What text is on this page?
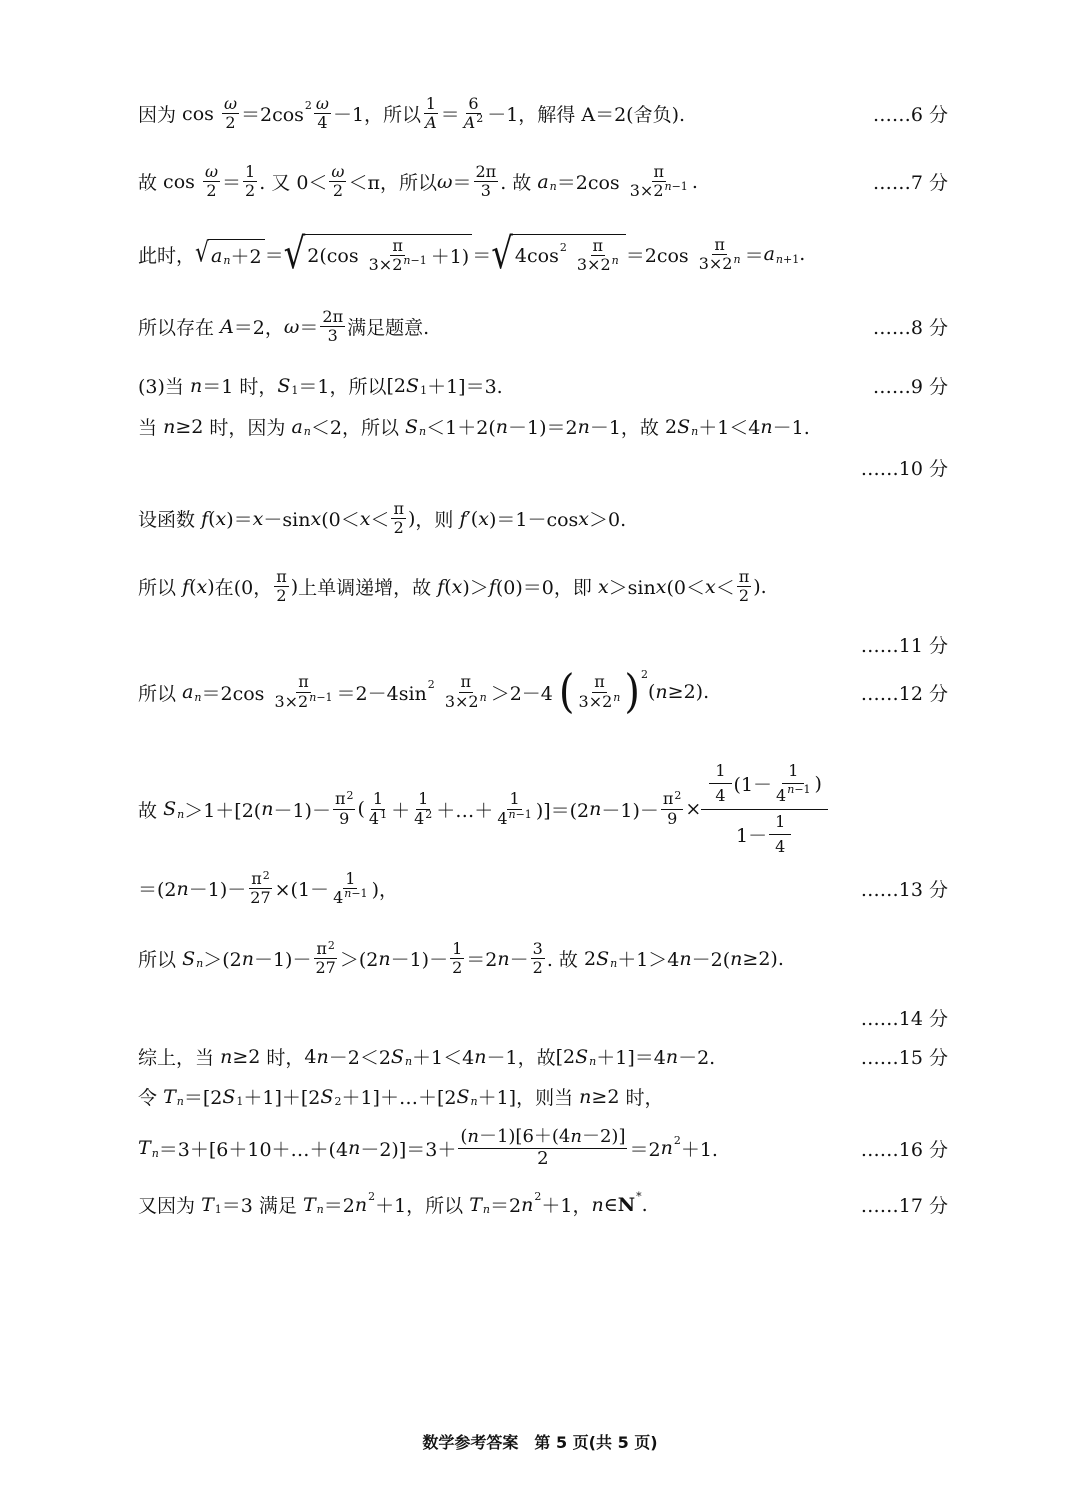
因为 cos ω
2 ＝2cos 2 ω
4 －1 ，所以
1
A ＝
6
$A^2 -1$ ，解得
A＝2(舍负).	……6 分
故 cos ω
2 ＝
1
2 . 又 0＜
ω
2 ＜π ，所以 ω ＝
2π
3 . 故
a n ＝2cos
π
$3\times 2^{n-1}$ .	……7 分
此时， √ a n ＋2 ＝ √ 2(cos π
$3\times 2^{n-1} +1$) ＝ √ 4cos 2
π
$3\times 2^n =2\cos$
π
$3\times 2^n = a$ n+1 .
所以存在
A ＝2， ω ＝
2π
3 满足题意.	……8 分
(3)当
n ＝1 时， S 1 ＝1 ，所以 [2 S 1 ＋1]＝3.	……9 分
当
n ≥2 时，因为
a n ＜2 ，所以
S n ＜1＋2( n －1)＝2 n －1 ，故 2 S n ＋1＜4 n －1.
……10 分
设函数
f ( x )＝ x －sin x (0＜ x ＜
π
2 ) ，则
f ′( x )＝1－cos x ＞0.
所以
f ( x ) 在 (0，
π
2 ) 上单调递增，故
f ( x )＞ f (0)＝0 ，即
x ＞sin x (0＜ x ＜
π
2 ).
……11 分
所以
a n ＝2cos
π
$3\times 2^{n-1} =2-4\sin$ 2
π
$3\times 2^n >2-4$ ( π
$3\times 2^n$ ) 2
( n ≥2).	……12 分
故
S n ＞1＋[2( n －1)－
$\pi^2$
9 ( 1
$4^1$ ＋
1
$4^2$ ＋…＋
1
$4^{n-1}$ )]＝(2 $n -1)- \frac{\pi^2}{9} \times 1$
4 (1－
1
4 n−1 )
1－
1
4
＝(2 $n -1)- \frac{\pi^2}{27} \times(1-$
1
$4^{n-1}$ )，	……13 分
所以
S n ＞(2 n －1)－
$\pi^2$
27 ＞(2 n －1)－
1
2 ＝2 n －
3
2 . 故 2 S n ＋1＞4 n －2( n ≥2).
……14 分
综上，当
n ≥2 时， 4 n －2＜2 S n ＋1＜4 n －1 ，故 [2 S n ＋1]＝4 n －2.	……15 分
令
T n ＝[2 S 1 ＋1]＋[2 S 2 ＋1]＋…＋[2 S n ＋1] ，则当
n ≥2 时，
T n ＝3＋[6＋10＋…＋(4 n －2)]＝3＋
(n－1)[6＋(4n－2)]
2	＝2 n 2 ＋1.	……16 分
又因为
T 1 ＝3 满足
T n ＝2 n 2 ＋1 ，所以
T n ＝2 n 2 ＋1， n ∈N * .	……17 分
数学参考答案　第 5 页(共 5 页)
